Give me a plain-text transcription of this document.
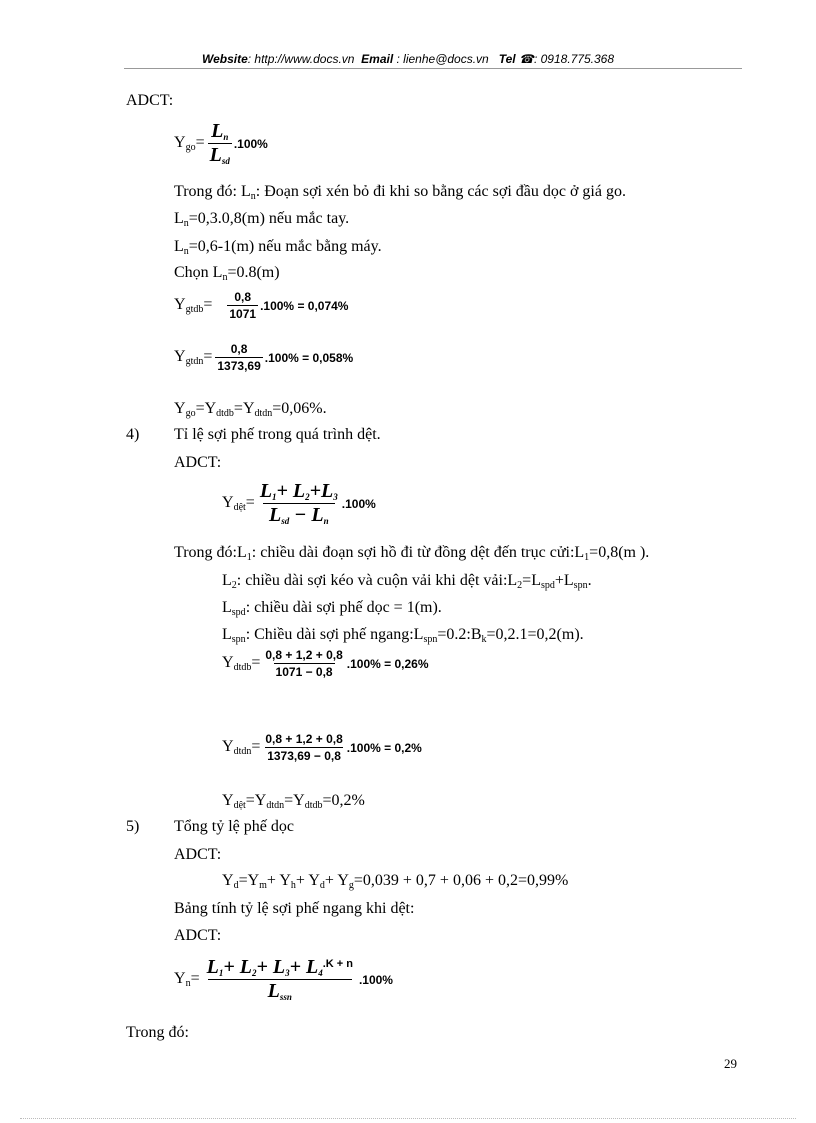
Website: http://www.docs.vn Email : lienhe@docs.vn Tel ☎: 0918.775.368
ADCT:
$Y_{go}= \frac{L_n}{L_{sd}} .100\%$
Trong đó: $L_n$: Đoạn sợi xén bỏ đi khi so bằng các sợi đầu dọc ở giá go.
$L_n=0,3.0,8(m)$ nếu mắc tay.
$L_n=0,6-1(m)$ nếu mắc bằng máy.
Chọn $L_n=0.8(m)$
$Y_{gtdb}= \frac{0,8}{1071} .100\% = 0,074\%$
$Y_{gtdn}= \frac{0,8}{1373,69} .100\% = 0,058\%$
$Y_{go}=Y_{dtdb}=Y_{dtdn}=0,06\%$.
4) Tỉ lệ sợi phế trong quá trình dệt.
ADCT:
$Y_{dệt}= \frac{L_1+ L_2+L_3}{L_{sd} - L_n} .100\%$
Trong $đó:L_1$: chiều dài đoạn sợi hồ đi từ đồng dệt đến trục $cửi:L_1=0,8(m$ ).
$L_2$: chiều dài sợi kéo và cuộn vải khi dệt $vải:L_2=L_{spd}+L_{spn}$.
$L_{spd}$: chiều dài sợi phế dọc = 1(m).
$L_{spn}$: Chiều dài sợi phế $ngang:L_{spn}=0.2:B_k=0,2.1=0,2(m)$.
$Y_{dtdb}= \frac{0,8 + 1,2 + 0,8}{1071 - 0,8} .100\% = 0,26\%$
$Y_{dtdn}= \frac{0,8 + 1,2 + 0,8}{1373,69 - 0,8} .100\% = 0,2\%$
$Y_{dệt}=Y_{dtdn}=Y_{dtdb}=0,2\%$
5) Tổng tỷ lệ phế dọc
ADCT:
$Y_d=Y_m+ Y_h+ Y_d+ Y_g=0,039 + 0,7 + 0,06 + 0,2=0,99\%$
Bảng tính tỷ lệ sợi phế ngang khi dệt:
ADCT:
$Y_n= \frac{L_1+ L_2+ L_3+ L_4^{.K + n}}{L_{ssn}} .100\%$
Trong đó:
29
